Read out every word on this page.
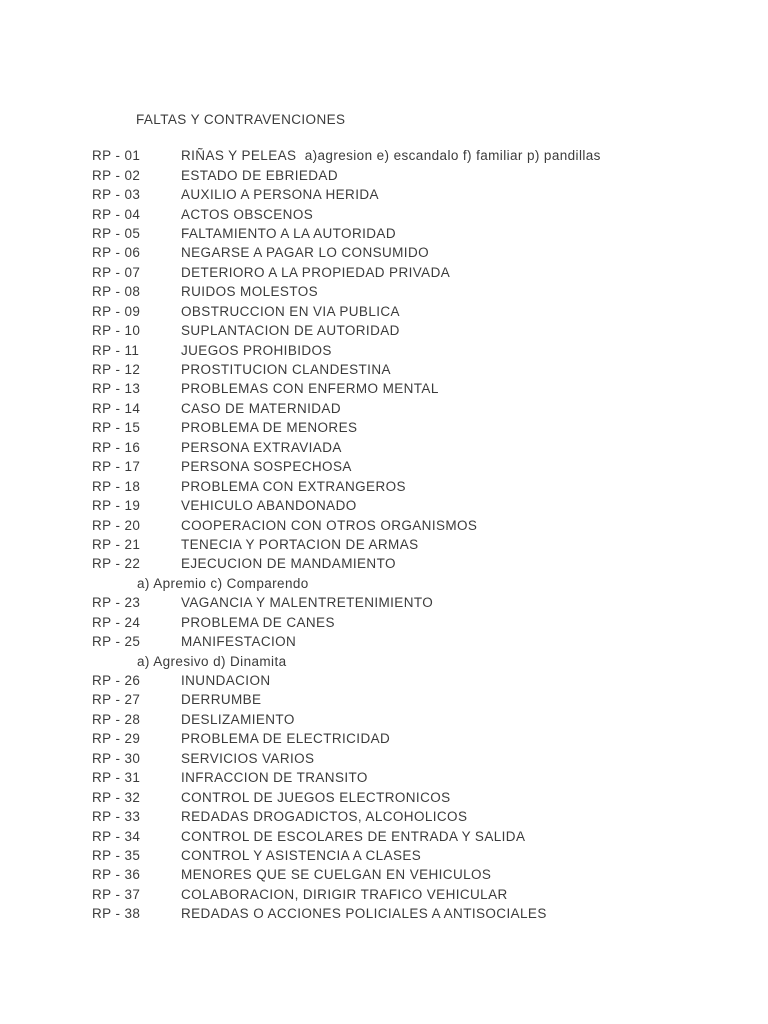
FALTAS Y CONTRAVENCIONES
RP - 01	RIÑAS Y PELEAS  a)agresion e) escandalo f) familiar p) pandillas
RP - 02	ESTADO DE EBRIEDAD
RP - 03	AUXILIO A PERSONA HERIDA
RP - 04	ACTOS OBSCENOS
RP - 05	FALTAMIENTO A LA AUTORIDAD
RP - 06	NEGARSE A PAGAR LO CONSUMIDO
RP - 07	DETERIORO A LA PROPIEDAD PRIVADA
RP - 08	RUIDOS MOLESTOS
RP - 09	OBSTRUCCION EN VIA PUBLICA
RP - 10	SUPLANTACION DE AUTORIDAD
RP - 11	JUEGOS PROHIBIDOS
RP - 12	PROSTITUCION CLANDESTINA
RP - 13	PROBLEMAS CON ENFERMO MENTAL
RP - 14	CASO DE MATERNIDAD
RP - 15	PROBLEMA DE MENORES
RP - 16	PERSONA EXTRAVIADA
RP - 17	PERSONA SOSPECHOSA
RP - 18	PROBLEMA CON EXTRANGEROS
RP - 19	VEHICULO ABANDONADO
RP - 20	COOPERACION CON OTROS ORGANISMOS
RP - 21	TENECIA Y PORTACION DE ARMAS
RP - 22	EJECUCION DE MANDAMIENTO
a) Apremio c) Comparendo
RP - 23	VAGANCIA Y MALENTRETENIMIENTO
RP - 24	PROBLEMA DE CANES
RP - 25	MANIFESTACION
a) Agresivo d) Dinamita
RP - 26	INUNDACION
RP - 27	DERRUMBE
RP - 28	DESLIZAMIENTO
RP - 29	PROBLEMA DE ELECTRICIDAD
RP - 30	SERVICIOS VARIOS
RP - 31	INFRACCION DE TRANSITO
RP - 32	CONTROL DE JUEGOS ELECTRONICOS
RP - 33	REDADAS DROGADICTOS, ALCOHOLICOS
RP - 34	CONTROL DE ESCOLARES DE ENTRADA Y SALIDA
RP - 35	CONTROL Y ASISTENCIA A CLASES
RP - 36	MENORES QUE SE CUELGAN EN VEHICULOS
RP - 37	COLABORACION, DIRIGIR TRAFICO VEHICULAR
RP - 38	REDADAS O ACCIONES POLICIALES A ANTISOCIALES
